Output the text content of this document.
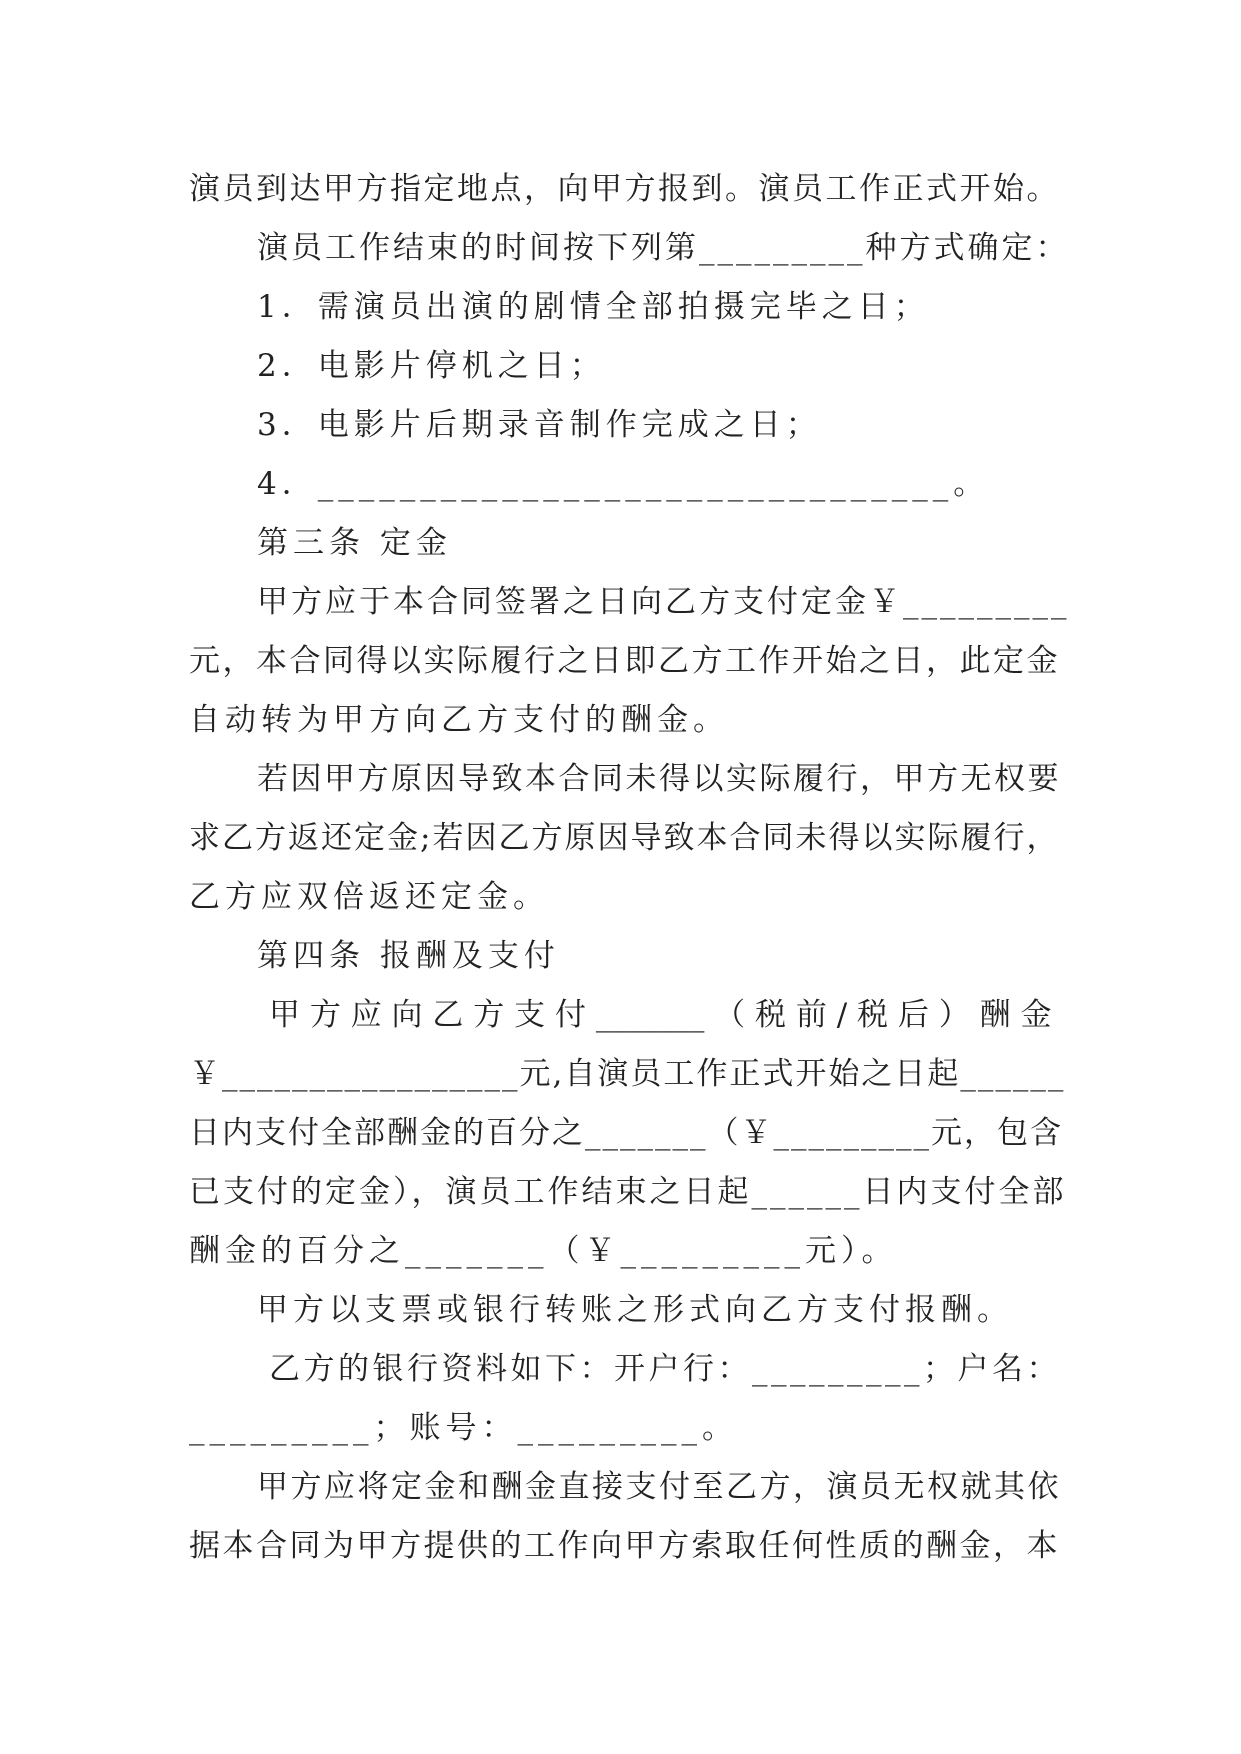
演员到达甲方指定地点，向甲方报到。演员工作正式开始。
演员工作结束的时间按下列第_________种方式确定：
1．需演员出演的剧情全部拍摄完毕之日；
2．电影片停机之日；
3．电影片后期录音制作完成之日；
4．_______________________________。
第三条 定金
甲方应于本合同签署之日向乙方支付定金￥_________
元，本合同得以实际履行之日即乙方工作开始之日，此定金
自动转为甲方向乙方支付的酬金。
若因甲方原因导致本合同未得以实际履行，甲方无权要
求乙方返还定金;若因乙方原因导致本合同未得以实际履行，
乙方应双倍返还定金。
第四条 报酬及支付
甲 方 应 向 乙 方 支 付 _______ （ 税 前 / 税 后 ） 酬 金
￥_________________元,自演员工作正式开始之日起______
日内支付全部酬金的百分之_______（￥_________元，包含
已支付的定金），演员工作结束之日起______日内支付全部
酬金的百分之_______（￥_________元）。
甲方以支票或银行转账之形式向乙方支付报酬。
乙方的银行资料如下：开户行：_________；户名：
_________；账号：_________。
甲方应将定金和酬金直接支付至乙方，演员无权就其依
据本合同为甲方提供的工作向甲方索取任何性质的酬金，本
